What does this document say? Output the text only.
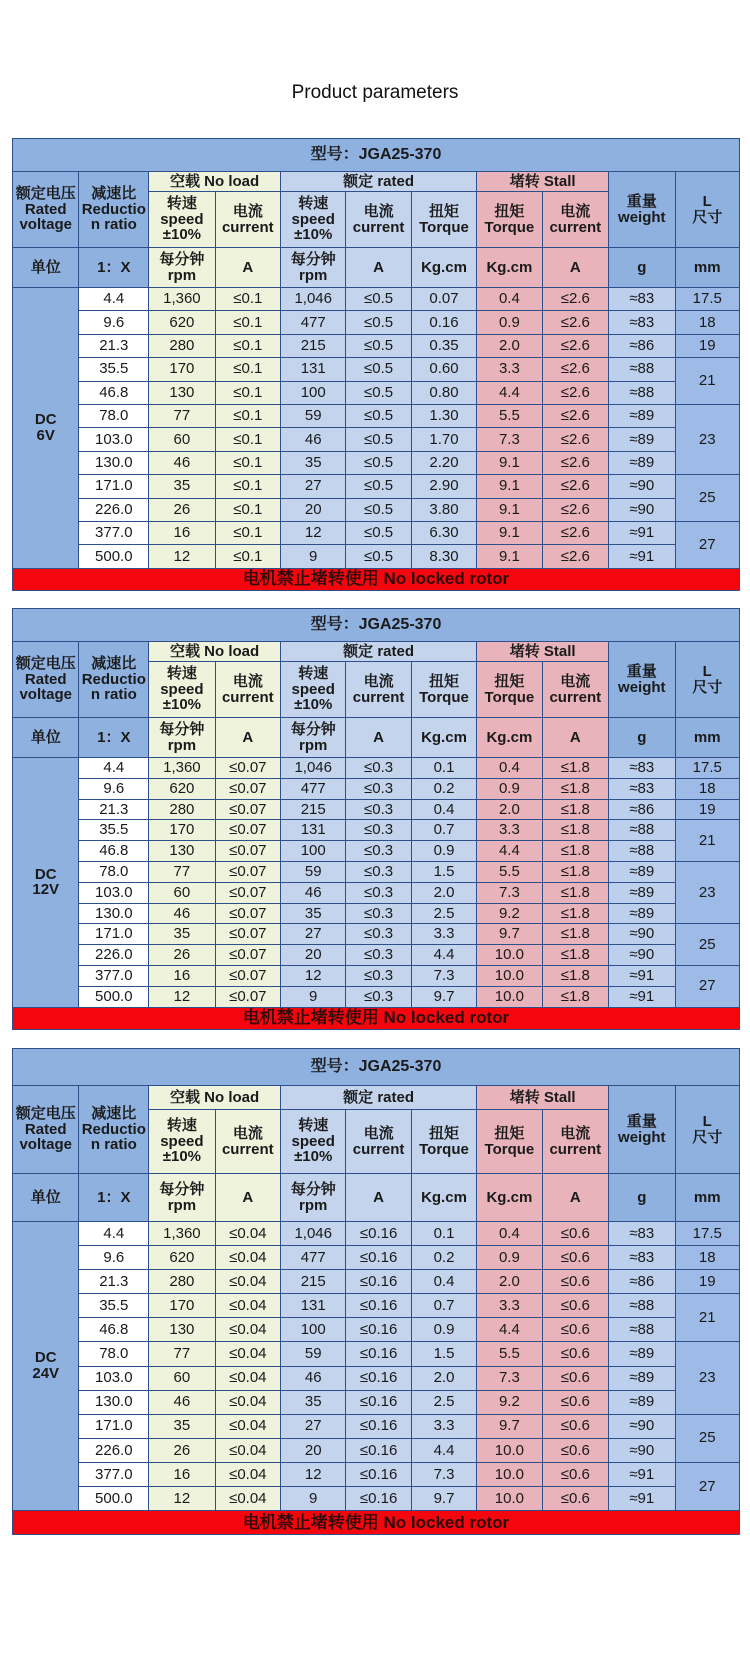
Product parameters
型号：JGA25-370										
额定电压
Rated
voltage	减速比
Reductio
n ratio	空载 No load		额定 rated			堵转 Stall		重量
weight	L
尺寸
		转速
speed
±10%	电流
current	转速
speed
±10%	电流
current	扭矩
Torque	扭矩
Torque	电流
current		
单位	1：X	每分钟
rpm	A	每分钟
rpm	A	Kg.cm	Kg.cm	A	g	mm
DC
6V	4.4	1,360	≤0.1	1,046	≤0.5	0.07	0.4	≤2.6	≈83	17.5
	9.6	620	≤0.1	477	≤0.5	0.16	0.9	≤2.6	≈83	18
	21.3	280	≤0.1	215	≤0.5	0.35	2.0	≤2.6	≈86	19
	35.5	170	≤0.1	131	≤0.5	0.60	3.3	≤2.6	≈88	21
	46.8	130	≤0.1	100	≤0.5	0.80	4.4	≤2.6	≈88	
	78.0	77	≤0.1	59	≤0.5	1.30	5.5	≤2.6	≈89	23
	103.0	60	≤0.1	46	≤0.5	1.70	7.3	≤2.6	≈89	
	130.0	46	≤0.1	35	≤0.5	2.20	9.1	≤2.6	≈89	
	171.0	35	≤0.1	27	≤0.5	2.90	9.1	≤2.6	≈90	25
	226.0	26	≤0.1	20	≤0.5	3.80	9.1	≤2.6	≈90	
	377.0	16	≤0.1	12	≤0.5	6.30	9.1	≤2.6	≈91	27
	500.0	12	≤0.1	9	≤0.5	8.30	9.1	≤2.6	≈91	
电机禁止堵转使用 No locked rotor										
型号：JGA25-370										
额定电压
Rated
voltage	减速比
Reductio
n ratio	空载 No load		额定 rated			堵转 Stall		重量
weight	L
尺寸
		转速
speed
±10%	电流
current	转速
speed
±10%	电流
current	扭矩
Torque	扭矩
Torque	电流
current		
单位	1：X	每分钟
rpm	A	每分钟
rpm	A	Kg.cm	Kg.cm	A	g	mm
DC
12V	4.4	1,360	≤0.07	1,046	≤0.3	0.1	0.4	≤1.8	≈83	17.5
	9.6	620	≤0.07	477	≤0.3	0.2	0.9	≤1.8	≈83	18
	21.3	280	≤0.07	215	≤0.3	0.4	2.0	≤1.8	≈86	19
	35.5	170	≤0.07	131	≤0.3	0.7	3.3	≤1.8	≈88	21
	46.8	130	≤0.07	100	≤0.3	0.9	4.4	≤1.8	≈88	
	78.0	77	≤0.07	59	≤0.3	1.5	5.5	≤1.8	≈89	23
	103.0	60	≤0.07	46	≤0.3	2.0	7.3	≤1.8	≈89	
	130.0	46	≤0.07	35	≤0.3	2.5	9.2	≤1.8	≈89	
	171.0	35	≤0.07	27	≤0.3	3.3	9.7	≤1.8	≈90	25
	226.0	26	≤0.07	20	≤0.3	4.4	10.0	≤1.8	≈90	
	377.0	16	≤0.07	12	≤0.3	7.3	10.0	≤1.8	≈91	27
	500.0	12	≤0.07	9	≤0.3	9.7	10.0	≤1.8	≈91	
电机禁止堵转使用 No locked rotor										
型号：JGA25-370										
额定电压
Rated
voltage	减速比
Reductio
n ratio	空载 No load		额定 rated			堵转 Stall		重量
weight	L
尺寸
		转速
speed
±10%	电流
current	转速
speed
±10%	电流
current	扭矩
Torque	扭矩
Torque	电流
current		
单位	1：X	每分钟
rpm	A	每分钟
rpm	A	Kg.cm	Kg.cm	A	g	mm
DC
24V	4.4	1,360	≤0.04	1,046	≤0.16	0.1	0.4	≤0.6	≈83	17.5
	9.6	620	≤0.04	477	≤0.16	0.2	0.9	≤0.6	≈83	18
	21.3	280	≤0.04	215	≤0.16	0.4	2.0	≤0.6	≈86	19
	35.5	170	≤0.04	131	≤0.16	0.7	3.3	≤0.6	≈88	21
	46.8	130	≤0.04	100	≤0.16	0.9	4.4	≤0.6	≈88	
	78.0	77	≤0.04	59	≤0.16	1.5	5.5	≤0.6	≈89	23
	103.0	60	≤0.04	46	≤0.16	2.0	7.3	≤0.6	≈89	
	130.0	46	≤0.04	35	≤0.16	2.5	9.2	≤0.6	≈89	
	171.0	35	≤0.04	27	≤0.16	3.3	9.7	≤0.6	≈90	25
	226.0	26	≤0.04	20	≤0.16	4.4	10.0	≤0.6	≈90	
	377.0	16	≤0.04	12	≤0.16	7.3	10.0	≤0.6	≈91	27
	500.0	12	≤0.04	9	≤0.16	9.7	10.0	≤0.6	≈91	
电机禁止堵转使用 No locked rotor										
